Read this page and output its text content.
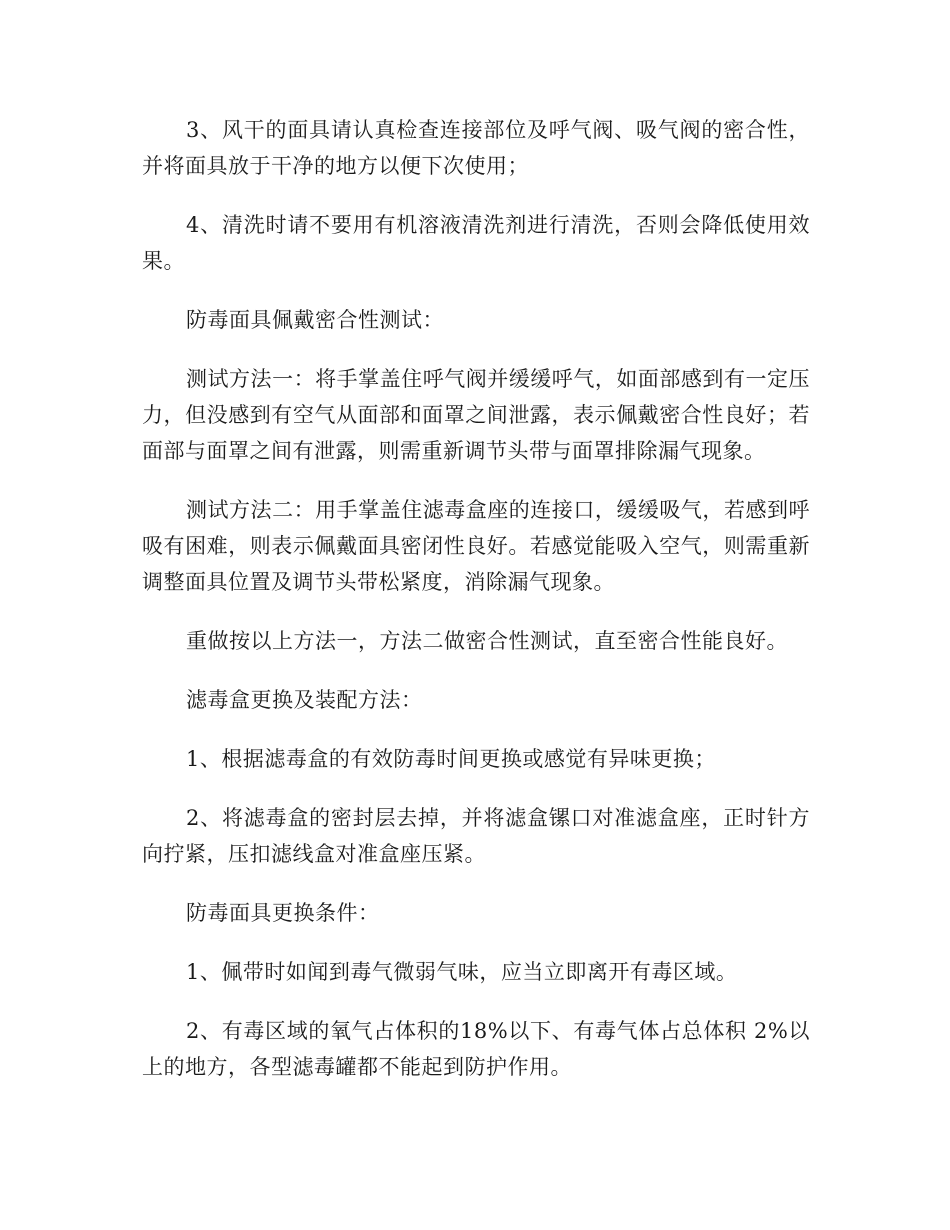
3、风干的面具请认真检查连接部位及呼气阀、吸气阀的密合性，并将面具放于干净的地方以便下次使用；

4、清洗时请不要用有机溶液清洗剂进行清洗，否则会降低使用效果。

防毒面具佩戴密合性测试：

测试方法一：将手掌盖住呼气阀并缓缓呼气，如面部感到有一定压力，但没感到有空气从面部和面罩之间泄露，表示佩戴密合性良好；若面部与面罩之间有泄露，则需重新调节头带与面罩排除漏气现象。

测试方法二：用手掌盖住滤毒盒座的连接口，缓缓吸气，若感到呼吸有困难，则表示佩戴面具密闭性良好。若感觉能吸入空气，则需重新调整面具位置及调节头带松紧度，消除漏气现象。

重做按以上方法一，方法二做密合性测试，直至密合性能良好。

滤毒盒更换及装配方法：

1、根据滤毒盒的有效防毒时间更换或感觉有异味更换；

2、将滤毒盒的密封层去掉，并将滤盒镙口对准滤盒座，正时针方向拧紧，压扣滤线盒对准盒座压紧。

防毒面具更换条件：

1、佩带时如闻到毒气微弱气味，应当立即离开有毒区域。

2、有毒区域的氧气占体积的18%以下、有毒气体占总体积 2%以上的地方，各型滤毒罐都不能起到防护作用。
